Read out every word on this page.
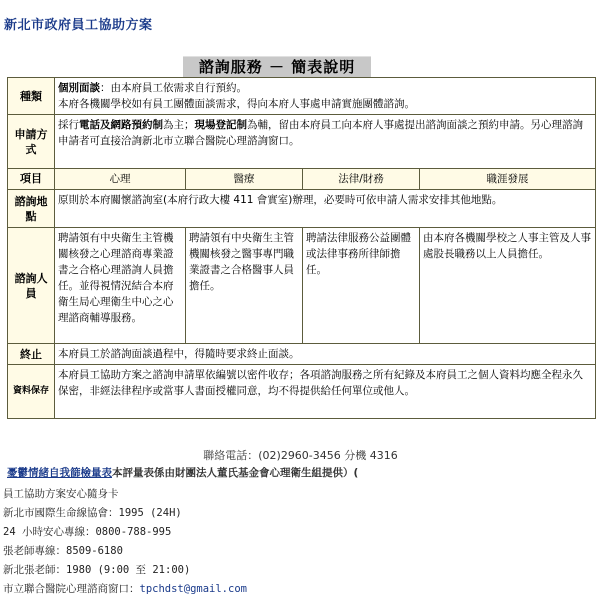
新北市政府員工協助方案
諮詢服務 － 簡表說明
種類	個別面談：由本府員工依需求自行預約。
本府各機關學校如有員工團體面談需求，得向本府人事處申請實施團體諮詢。			
申請方式	採行電話及網路預約制為主；現場登記制為輔，留由本府員工向本府人事處提出諮詢面談之預約申請。另心理諮詢申請者可直接洽詢新北市立聯合醫院心理諮詢窗口。			
項目	心理	醫療	法律/財務	職涯發展
諮詢地點	原則於本府關懷諮詢室(本府行政大樓 411 會實室)辦理，必要時可依申請人需求安排其他地點。			
諮詢人員	聘請領有中央衛生主管機關核發之心理諮商專業證書之合格心理諮詢人員擔任。並得視情況結合本府衛生局心理衛生中心之心理諮商輔導服務。	聘請領有中央衛生主管機關核發之醫事專門職業證書之合格醫事人員擔任。	聘請法律服務公益團體或法律事務所律師擔任。	由本府各機關學校之人事主管及人事處股長職務以上人員擔任。
終止	本府員工於諮詢面談過程中，得隨時要求終止面談。			
資料保存	本府員工協助方案之諮詢申請單依編號以密件收存；各項諮詢服務之所有紀錄及本府員工之個人資料均應全程永久保密，非經法律程序或當事人書面授權同意，均不得提供給任何單位或他人。			
聯絡電話：(02)2960-3456 分機 4316
憂鬱情緒自我篩檢量表本評量表係由財團法人董氏基金會心理衛生組提供）(
員工協助方案安心隨身卡
新北市國際生命線協會：1995 (24H)
24 小時安心專線：0800-788-995
張老師專線：8509-6180
新北張老師：1980 (9:00 至 21:00)
市立聯合醫院心理諮商窗口：tpchdst@gmail.com
